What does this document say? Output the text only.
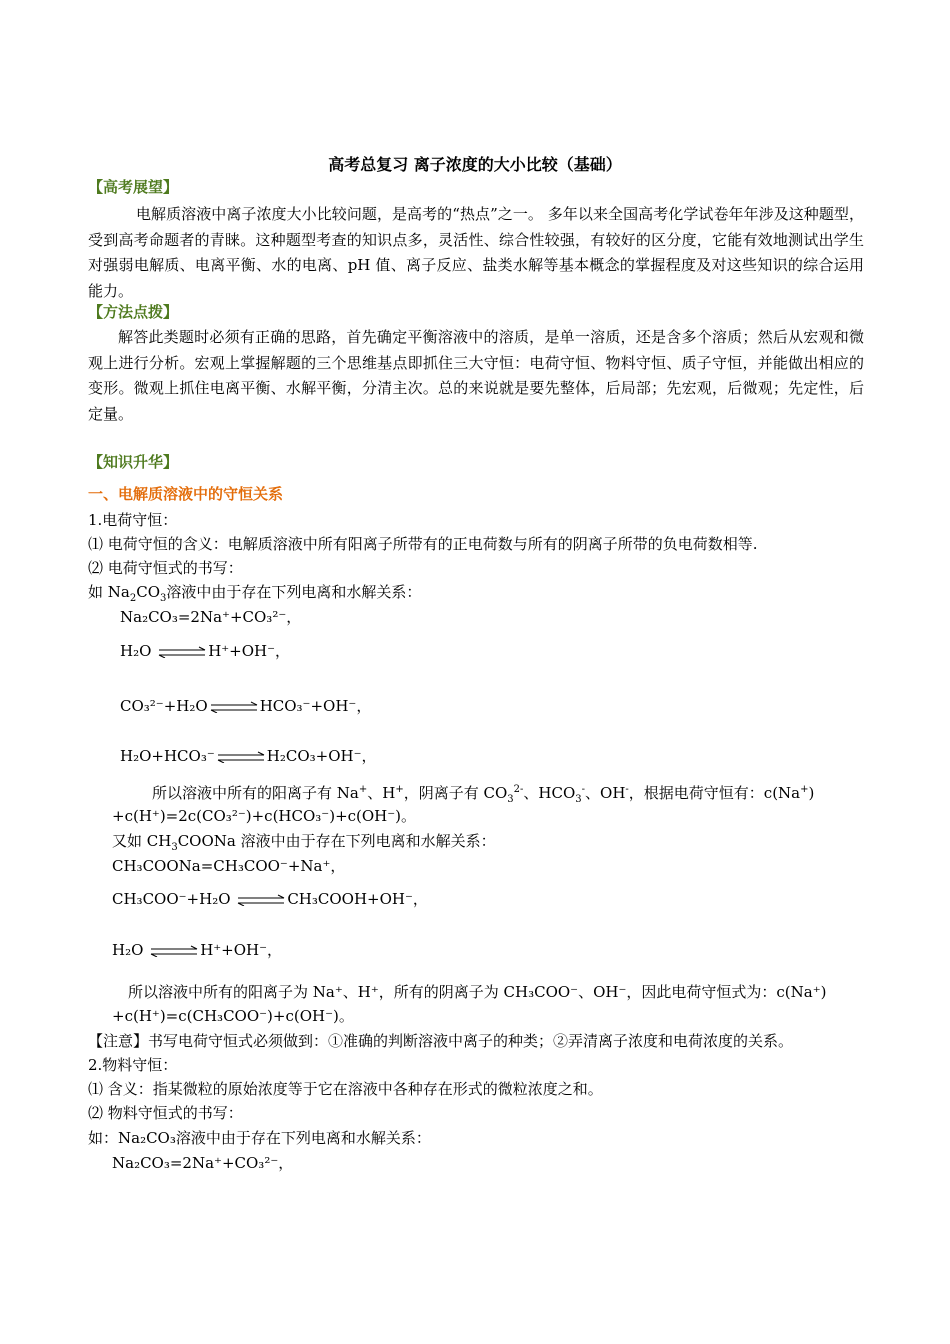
高考总复习 离子浓度的大小比较（基础）
【高考展望】
电解质溶液中离子浓度大小比较问题，是高考的“热点”之一。 多年以来全国高考化学试卷年年涉及这种题型，受到高考命题者的青睐。这种题型考查的知识点多，灵活性、综合性较强，有较好的区分度，它能有效地测试出学生对强弱电解质、电离平衡、水的电离、pH 值、离子反应、盐类水解等基本概念的掌握程度及对这些知识的综合运用能力。
【方法点拨】
解答此类题时必须有正确的思路，首先确定平衡溶液中的溶质，是单一溶质，还是含多个溶质；然后从宏观和微观上进行分析。宏观上掌握解题的三个思维基点即抓住三大守恒：电荷守恒、物料守恒、质子守恒，并能做出相应的变形。微观上抓住电离平衡、水解平衡，分清主次。总的来说就是要先整体，后局部；先宏观，后微观；先定性，后定量。
【知识升华】
一、电解质溶液中的守恒关系
1.电荷守恒：
⑴ 电荷守恒的含义：电解质溶液中所有阳离子所带有的正电荷数与所有的阴离子所带的负电荷数相等.
⑵ 电荷守恒式的书写：
如 $Na_2CO_3$溶液中由于存在下列电离和水解关系：
Na₂CO₃=2Na⁺+CO₃²⁻，
H₂O ⇌ H⁺+OH⁻，
CO₃²⁻+H₂O ⇌ HCO₃⁻+OH⁻，
H₂O+HCO₃⁻ ⇌ H₂CO₃+OH⁻，
所以溶液中所有的阳离子有 Na+、H+，阴离子有 $CO_3^{2-}$、$HCO_3^-$、OH-，根据电荷守恒有：c(Na+)
+c(H⁺)=2c(CO₃²⁻)+c(HCO₃⁻)+c(OH⁻)。
又如 $CH_3COONa$ 溶液中由于存在下列电离和水解关系：
CH₃COONa=CH₃COO⁻+Na⁺，
CH₃COO⁻+H₂O ⇌ CH₃COOH+OH⁻，
H₂O ⇌ H⁺+OH⁻，
所以溶液中所有的阳离子为 Na⁺、H⁺，所有的阴离子为 CH₃COO⁻、OH⁻，因此电荷守恒式为：c(Na⁺)
+c(H⁺)=c(CH₃COO⁻)+c(OH⁻)。
【注意】书写电荷守恒式必须做到：①准确的判断溶液中离子的种类；②弄清离子浓度和电荷浓度的关系。
2.物料守恒：
⑴ 含义：指某微粒的原始浓度等于它在溶液中各种存在形式的微粒浓度之和。
⑵ 物料守恒式的书写：
如：Na₂CO₃溶液中由于存在下列电离和水解关系：
Na₂CO₃=2Na⁺+CO₃²⁻，
